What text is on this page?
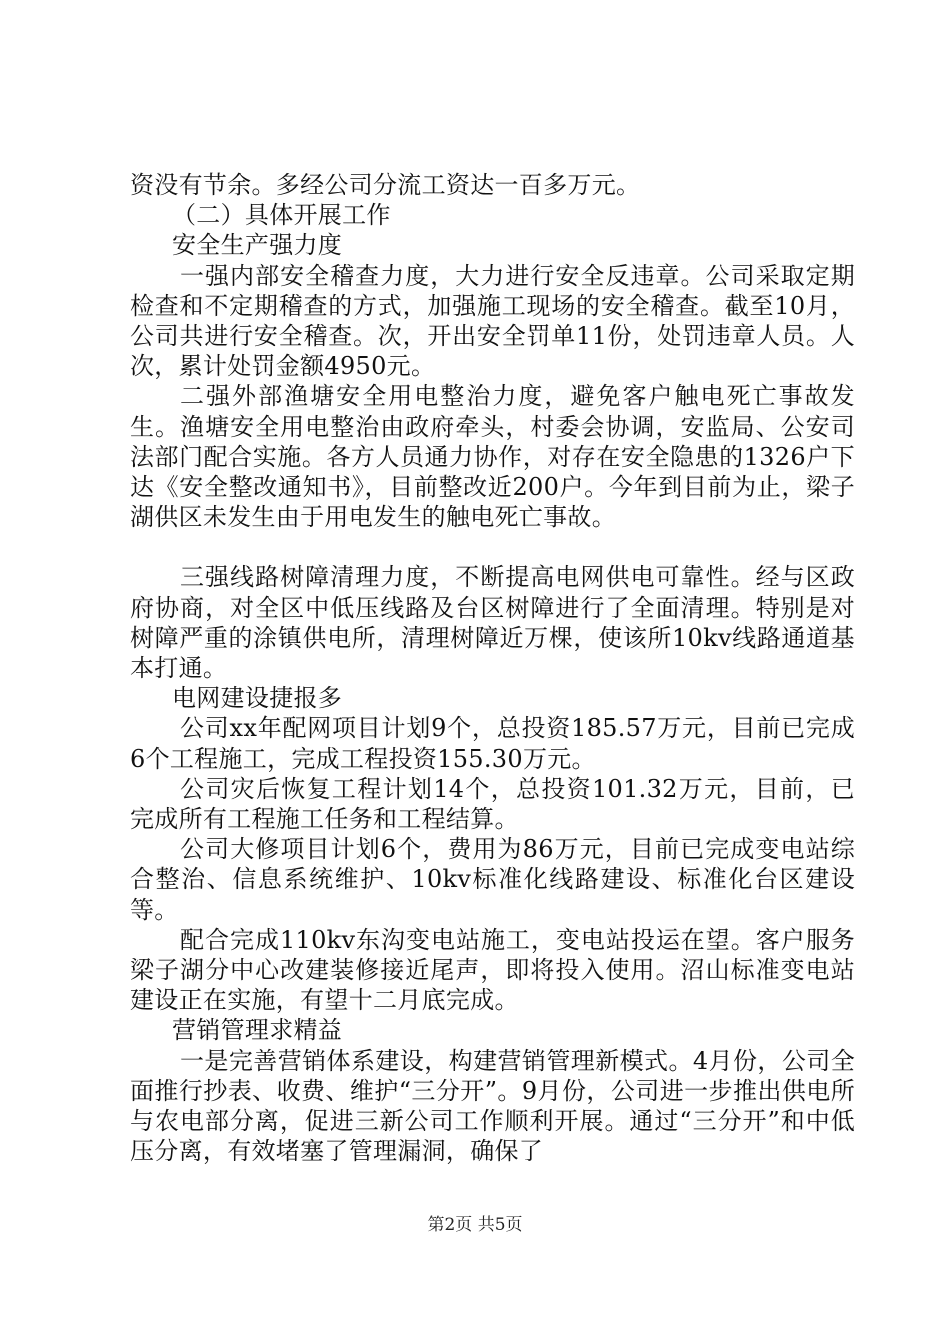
资没有节余。多经公司分流工资达一百多万元。

（二）具体开展工作

安全生产强力度

一强内部安全稽查力度，大力进行安全反违章。公司采取定期检查和不定期稽查的方式，加强施工现场的安全稽查。截至10月，公司共进行安全稽查。次，开出安全罚单11份，处罚违章人员。人次，累计处罚金额4950元。

二强外部渔塘安全用电整治力度，避免客户触电死亡事故发生。渔塘安全用电整治由政府牵头，村委会协调，安监局、公安司法部门配合实施。各方人员通力协作，对存在安全隐患的1326户下达《安全整改通知书》，目前整改近200户。今年到目前为止，梁子湖供区未发生由于用电发生的触电死亡事故。

三强线路树障清理力度，不断提高电网供电可靠性。经与区政府协商，对全区中低压线路及台区树障进行了全面清理。特别是对树障严重的涂镇供电所，清理树障近万棵，使该所10kv线路通道基本打通。

电网建设捷报多

公司xx年配网项目计划9个，总投资185.57万元，目前已完成6个工程施工，完成工程投资155.30万元。

公司灾后恢复工程计划14个，总投资101.32万元，目前，已完成所有工程施工任务和工程结算。

公司大修项目计划6个，费用为86万元，目前已完成变电站综合整治、信息系统维护、10kv标准化线路建设、标准化台区建设等。

配合完成110kv东沟变电站施工，变电站投运在望。客户服务梁子湖分中心改建装修接近尾声，即将投入使用。沼山标准变电站建设正在实施，有望十二月底完成。

营销管理求精益

一是完善营销体系建设，构建营销管理新模式。4月份，公司全面推行抄表、收费、维护“三分开”。9月份，公司进一步推出供电所与农电部分离，促进三新公司工作顺利开展。通过“三分开”和中低压分离，有效堵塞了管理漏洞，确保了

第2页 共5页
